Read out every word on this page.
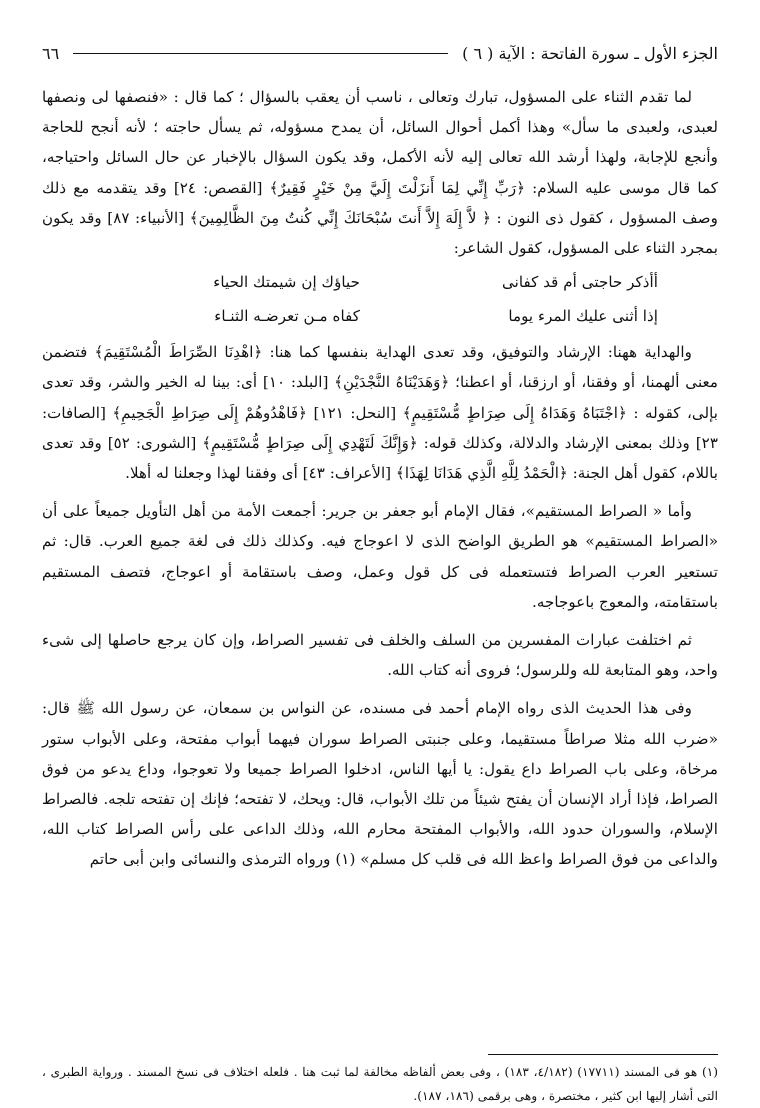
الجزء الأول ـ سورة الفاتحة : الآية ( ٦ )
٦٦

لما تقدم الثناء على المسؤول، تبارك وتعالى ، ناسب أن يعقب بالسؤال ؛ كما قال : «فنصفها لى ونصفها لعبدى، ولعبدى ما سأل» وهذا أكمل أحوال السائل، أن يمدح مسؤوله، ثم يسأل حاجته ؛ لأنه أنجح للحاجة وأنجع للإجابة، ولهذا أرشد الله تعالى إليه لأنه الأكمل، وقد يكون السؤال بالإخبار عن حال السائل واحتياجه، كما قال موسى عليه السلام: ﴿رَبِّ إِنِّي لِمَا أَنزَلْتَ إِلَيَّ مِنْ خَيْرٍ فَقِيرٌ﴾ [القصص: ٢٤] وقد يتقدمه مع ذلك وصف المسؤول ، كقول ذى النون : ﴿ لاَّ إِلَهَ إِلاَّ أَنتَ سُبْحَانَكَ إِنِّي كُنتُ مِنَ الظَّالِمِينَ﴾ [الأنبياء: ٨٧] وقد يكون بمجرد الثناء على المسؤول، كقول الشاعر:

أأذكر حاجتى أم قد كفانى
حياؤك إن شيمتك الحياء
إذا أثنى عليك المرء يوما
كفاه مـن تعرضـه الثنـاء

والهداية ههنا: الإرشاد والتوفيق، وقد تعدى الهداية بنفسها كما هنا: ﴿اهْدِنَا الصِّرَاطَ الْمُسْتَقِيمَ﴾ فتضمن معنى ألهمنا، أو وفقنا، أو ارزقنا، أو اعطنا؛ ﴿وَهَدَيْنَاهُ النَّجْدَيْنِ﴾ [البلد: ١٠] أى: بينا له الخير والشر، وقد تعدى بإلى، كقوله : ﴿اجْتَبَاهُ وَهَدَاهُ إِلَى صِرَاطٍ مُّسْتَقِيمٍ﴾ [النحل: ١٢١] ﴿فَاهْدُوهُمْ إِلَى صِرَاطِ الْجَحِيمِ﴾ [الصافات: ٢٣] وذلك بمعنى الإرشاد والدلالة، وكذلك قوله: ﴿وَإِنَّكَ لَتَهْدِي إِلَى صِرَاطٍ مُّسْتَقِيمٍ﴾ [الشورى: ٥٢] وقد تعدى باللام، كقول أهل الجنة: ﴿الْحَمْدُ لِلَّهِ الَّذِي هَدَانَا لِهَذَا﴾ [الأعراف: ٤٣] أى وفقنا لهذا وجعلنا له أهلا.

وأما « الصراط المستقيم»، فقال الإمام أبو جعفر بن جرير: أجمعت الأمة من أهل التأويل جميعاً على أن «الصراط المستقيم» هو الطريق الواضح الذى لا اعوجاج فيه. وكذلك ذلك فى لغة جميع العرب. قال: ثم تستعير العرب الصراط فتستعمله فى كل قول وعمل، وصف باستقامة أو اعوجاج، فتصف المستقيم باستقامته، والمعوج باعوجاجه.

ثم اختلفت عبارات المفسرين من السلف والخلف فى تفسير الصراط، وإن كان يرجع حاصلها إلى شىء واحد، وهو المتابعة لله وللرسول؛ فروى أنه كتاب الله.

وفى هذا الحديث الذى رواه الإمام أحمد فى مسنده، عن النواس بن سمعان، عن رسول الله ﷺ قال: «ضرب الله مثلا صراطاً مستقيما، وعلى جنبتى الصراط سوران فيهما أبواب مفتحة، وعلى الأبواب ستور مرخاة، وعلى باب الصراط داع يقول: يا أيها الناس، ادخلوا الصراط جميعا ولا تعوجوا، وداع يدعو من فوق الصراط، فإذا أراد الإنسان أن يفتح شيئاً من تلك الأبواب، قال: ويحك، لا تفتحه؛ فإنك إن تفتحه تلجه. فالصراط الإسلام، والسوران حدود الله، والأبواب المفتحة محارم الله، وذلك الداعى على رأس الصراط كتاب الله، والداعى من فوق الصراط واعظ الله فى قلب كل مسلم» (١) ورواه الترمذى والنسائى وابن أبى حاتم

(١) هو فى المسند (١٧٧١١) (٤/١٨٢، ١٨٣) ، وفى بعض ألفاظه مخالفة لما ثبت هنا . فلعله اختلاف فى نسخ المسند . ورواية الطبرى ، التى أشار إليها ابن كثير ، مختصرة ، وهى برقمى (١٨٦، ١٨٧).
